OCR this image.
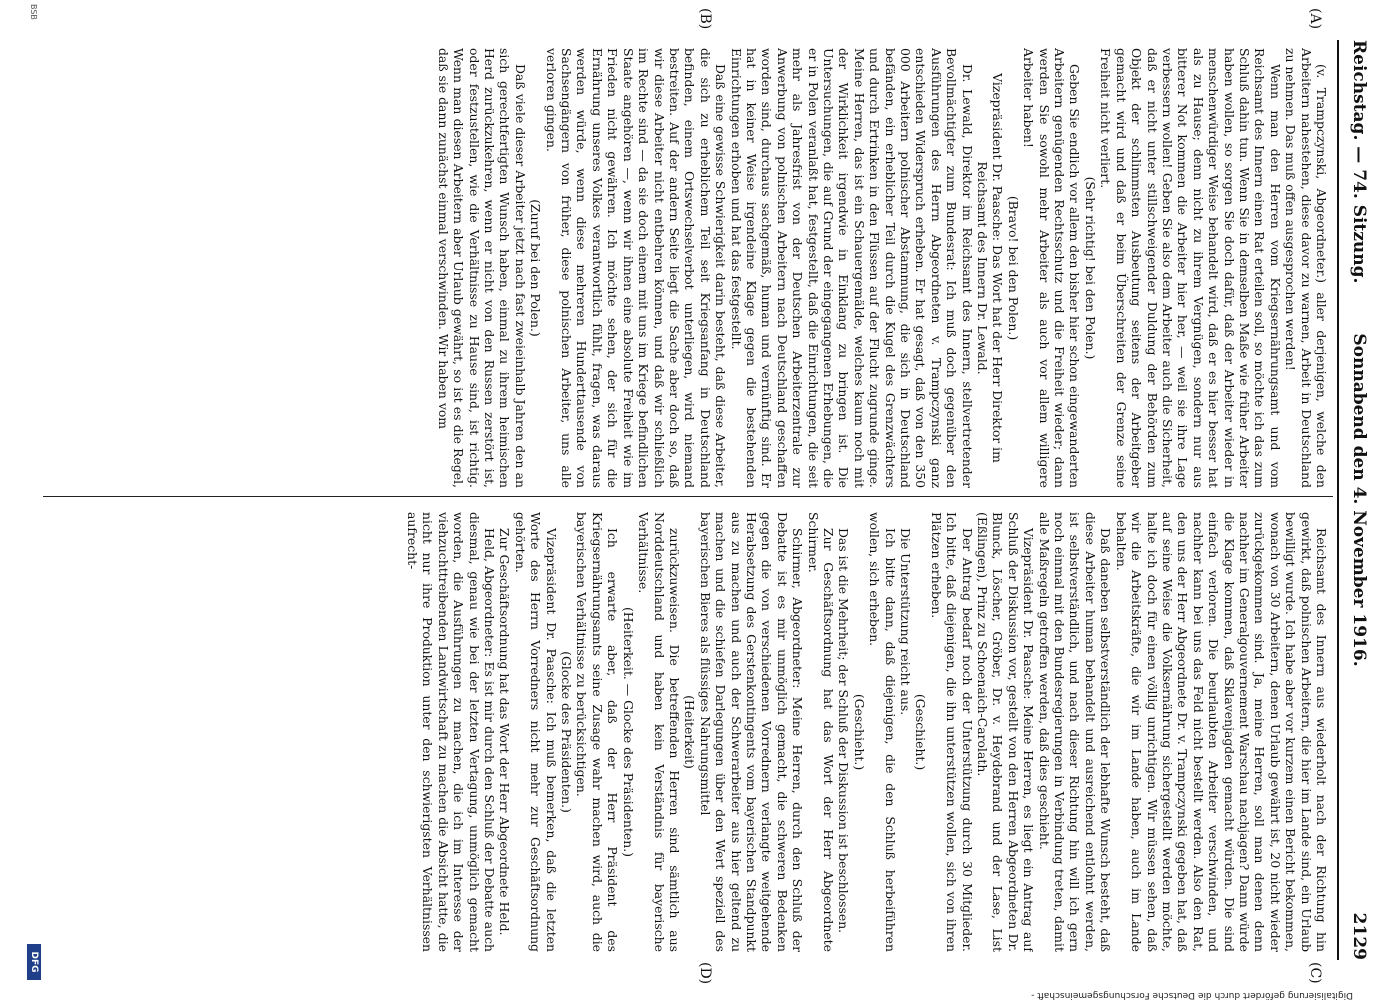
Reichstag. — 74. Sitzung.
Sonnabend den 4. November 1916.
2129
(A)
(B)
(C)
(D)

(v. Trampczynski, Abgeordneter.) aller derjenigen, welche den Arbeitern nahestehen, diese davor zu warnen, Arbeit in Deutschland zu nehmen. Das muß offen ausgesprochen werden!

Wenn man den Herren vom Kriegsernährungsamt und vom Reichsamt des Innern einen Rat erteilen soll, so möchte ich das zum Schluß dahin tun. Wenn Sie in demselben Maße wie früher Arbeiter haben wollen, so sorgen Sie doch dafür, daß der Arbeiter wieder in menschenwürdiger Weise behandelt wird, daß er es hier besser hat als zu Hause; denn nicht zu ihrem Vergnügen, sondern nur aus bitterer Not kommen die Arbeiter hier her, — weil sie ihre Lage verbessern wollen! Geben Sie also dem Arbeiter auch die Sicherheit, daß er nicht unter stillschweigender Duldung der Behörden zum Objekt der schlimmsten Ausbeutung seitens der Arbeitgeber gemacht wird und daß er beim Überschreiten der Grenze seine Freiheit nicht verliert.

(Sehr richtig! bei den Polen.)

Geben Sie endlich vor allem den bisher hier schon eingewanderten Arbeitern genügenden Rechtsschutz und die Freiheit wieder; dann werden Sie sowohl mehr Arbeiter als auch vor allem willigere Arbeiter haben!

(Bravo! bei den Polen.)

Vizepräsident Dr. Paasche: Das Wort hat der Herr Direktor im Reichsamt des Innern Dr. Lewald.

Dr. Lewald, Direktor im Reichsamt des Innern, stellvertretender Bevollmächtigter zum Bundesrat: Ich muß doch gegenüber den Ausführungen des Herrn Abgeordneten v. Trampczynski ganz entschieden Widerspruch erheben. Er hat gesagt, daß von den 350 000 Arbeitern polnischer Abstammung, die sich in Deutschland befänden, ein erheblicher Teil durch die Kugel des Grenzwächters und durch Ertrinken in den Flüssen auf der Flucht zugrunde ginge. Meine Herren, das ist ein Schauergemälde, welches kaum noch mit der Wirklichkeit irgendwie in Einklang zu bringen ist. Die Untersuchungen, die auf Grund der eingegangenen Erhebungen, die er in Polen veranlaßt hat, festgestellt, daß die Einrichtungen, die seit mehr als Jahresfrist von der Deutschen Arbeiterzentrale zur Anwerbung von polnischen Arbeitern nach Deutschland geschaffen worden sind, durchaus sachgemäß, human und vernünftig sind. Er hat in keiner Weise irgendeine Klage gegen die bestehenden Einrichtungen erhoben und hat das festgestellt.

Daß eine gewisse Schwierigkeit darin besteht, daß diese Arbeiter, die sich zu erheblichem Teil seit Kriegsanfang in Deutschland befinden, einem Ortswechselverbot unterliegen, wird niemand bestreiten. Auf der andern Seite liegt die Sache aber doch so, daß wir diese Arbeiter nicht entbehren können, und daß wir schließlich im Rechte sind — da sie doch einem mit uns im Kriege befindlichen Staate angehören —, wenn wir ihnen eine absolute Freiheit wie im Frieden nicht gewähren. Ich möchte sehen, der sich für die Ernährung unseres Volkes verantwortlich fühlt, fragen, was daraus werden würde, wenn diese mehreren Hunderttausende von Sachsengängern von früher, diese polnischen Arbeiter, uns alle verloren gingen.

(Zuruf bei den Polen.)

Daß viele dieser Arbeiter jetzt nach fast zweieinhalb Jahren den an sich gerechtfertigten Wunsch haben, einmal zu ihrem heimischen Herd zurückzukehren, wenn er nicht von den Russen zerstört ist, oder festzustellen, wie die Verhältnisse zu Hause sind, ist richtig. Wenn man diesen Arbeitern aber Urlaub gewährt, so ist es die Regel, daß sie dann zunächst einmal verschwinden. Wir haben vom

Reichsamt des Innern aus wiederholt nach der Richtung hin gewirkt, daß polnischen Arbeitern, die hier im Lande sind, ein Urlaub bewilligt wurde. Ich habe aber vor kurzem einen Bericht bekommen, wonach von 30 Arbeitern, denen Urlaub gewährt ist, 20 nicht wieder zurückgekommen sind. Ja, meine Herren, soll man denen denn nachher im Generalgouvernement Warschau nachjagen? Dann würde die Klage kommen, daß Sklavenjagden gemacht würden. Die sind einfach verloren. Die beurlaubten Arbeiter verschwinden, und nachher kann bei uns das Feld nicht bestellt werden. Also den Rat, den uns der Herr Abgeordnete Dr. v. Trampczynski gegeben hat, daß auf seine Weise die Volksernährung sichergestellt werden möchte, halte ich doch für einen völlig unrichtigen. Wir müssen sehen, daß wir die Arbeitskräfte, die wir im Lande haben, auch im Lande behalten.

Daß daneben selbstverständlich der lebhafte Wunsch besteht, daß diese Arbeiter human behandelt und ausreichend entlohnt werden, ist selbstverständlich, und nach dieser Richtung hin will ich gern noch einmal mit den Bundesregierungen in Verbindung treten, damit alle Maßregeln getroffen werden, daß dies geschieht.

Vizepräsident Dr. Paasche: Meine Herren, es liegt ein Antrag auf Schluß der Diskussion vor, gestellt von den Herren Abgeordneten Dr. Blunck, Löscher, Gröber, Dr. v. Heydebrand und der Lase, List (Eßlingen), Prinz zu Schoenaich-Carolath.

Der Antrag bedarf noch der Unterstützung durch 30 Mitglieder. Ich bitte, daß diejenigen, die ihn unterstützen wollen, sich von ihren Plätzen erheben.

(Geschieht.)

Die Unterstützung reicht aus.

Ich bitte dann, daß diejenigen, die den Schluß herbeiführen wollen, sich erheben.

(Geschieht.)

Das ist die Mehrheit; der Schluß der Diskussion ist beschlossen.

Zur Geschäftsordnung hat das Wort der Herr Abgeordnete Schirmer.

Schirmer, Abgeordneter: Meine Herren, durch den Schluß der Debatte ist es mir unmöglich gemacht, die schweren Bedenken gegen die von verschiedenen Vorrednern verlangte weitgehende Herabsetzung des Gerstenkontingents vom bayerischen Standpunkt aus zu machen und auch der Schwerarbeiter aus hier geltend zu machen und die schiefen Darlegungen über den Wert speziell des bayerischen Bieres als flüssiges Nahrungsmittel

(Heiterkeit)

zurückzuweisen. Die betreffenden Herren sind sämtlich aus Norddeutschland und haben kein Verständnis für bayerische Verhältnisse.

(Heiterkeit. — Glocke des Präsidenten.)

Ich erwarte aber, daß der Herr Präsident des Kriegsernährungsamts seine Zusage wahr machen wird, auch die bayerischen Verhältnisse zu berücksichtigen.

(Glocke des Präsidenten.)

Vizepräsident Dr. Paasche: Ich muß bemerken, daß die letzten Worte des Herrn Vorredners nicht mehr zur Geschäftsordnung gehörten.

Zur Geschäftsordnung hat das Wort der Herr Abgeordnete Held.

Held, Abgeordneter: Es ist mir durch den Schluß der Debatte auch diesmal, genau wie bei der letzten Vertagung, unmöglich gemacht worden, die Ausführungen zu machen, die ich im Interesse der viehzuchttreibenden Landwirtschaft zu machen die Absicht hatte, die nicht nur ihre Produktion unter den schwierigsten Verhältnissen aufrecht-

Digitalisierung gefördert durch die Deutsche Forschungsgemeinschaft -
DFG
BSB
